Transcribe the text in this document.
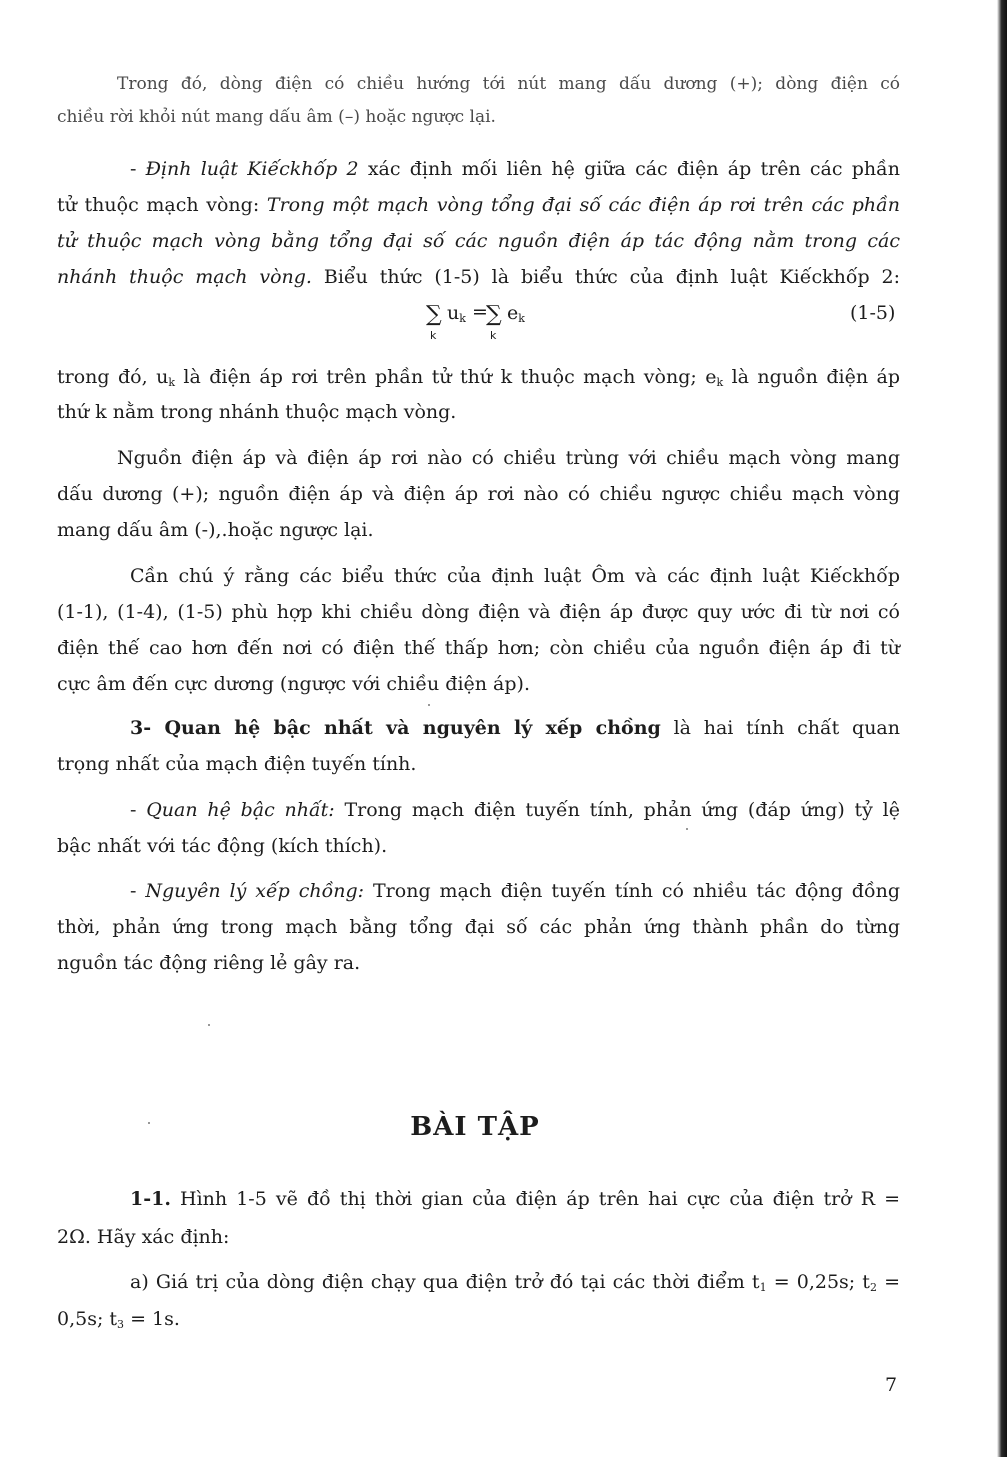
Trong đó, dòng điện có chiều hướng tới nút mang dấu dương (+); dòng điện có
chiều rời khỏi nút mang dấu âm (–) hoặc ngược lại.
- Định luật Kiếckhốp 2 xác định mối liên hệ giữa các điện áp trên các phần
tử thuộc mạch vòng: Trong một mạch vòng tổng đại số các điện áp rơi trên các phần
tử thuộc mạch vòng bằng tổng đại số các nguồn điện áp tác động nằm trong các
nhánh thuộc mạch vòng. Biểu thức (1-5) là biểu thức của định luật Kiếckhốp 2:
∑ $u_k$ =
∑ $e_k$
k	k
(1-5)
trong đó, $u_k$ là điện áp rơi trên phần tử thứ k thuộc mạch vòng; $e_k$ là nguồn điện áp
thứ k nằm trong nhánh thuộc mạch vòng.
Nguồn điện áp và điện áp rơi nào có chiều trùng với chiều mạch vòng mang
dấu dương (+); nguồn điện áp và điện áp rơi nào có chiều ngược chiều mạch vòng
mang dấu âm (-),.hoặc ngược lại.
Cần chú ý rằng các biểu thức của định luật Ôm và các định luật Kiếckhốp
(1-1), (1-4), (1-5) phù hợp khi chiều dòng điện và điện áp được quy ước đi từ nơi có
điện thế cao hơn đến nơi có điện thế thấp hơn; còn chiều của nguồn điện áp đi từ
cực âm đến cực dương (ngược với chiều điện áp).
3- Quan hệ bậc nhất và nguyên lý xếp chồng là hai tính chất quan
trọng nhất của mạch điện tuyến tính.
- Quan hệ bậc nhất: Trong mạch điện tuyến tính, phản ứng (đáp ứng) tỷ lệ
bậc nhất với tác động (kích thích).
- Nguyên lý xếp chồng: Trong mạch điện tuyến tính có nhiều tác động đồng
thời, phản ứng trong mạch bằng tổng đại số các phản ứng thành phần do từng
nguồn tác động riêng lẻ gây ra.
BÀI TẬP
1-1. Hình 1-5 vẽ đồ thị thời gian của điện áp trên hai cực của điện trở R =
2Ω. Hãy xác định:
a) Giá trị của dòng điện chạy qua điện trở đó tại các thời điểm $t_1 = 0,25s$; $t_2$ =
0,5s; $t_3 = 1s$.
7
